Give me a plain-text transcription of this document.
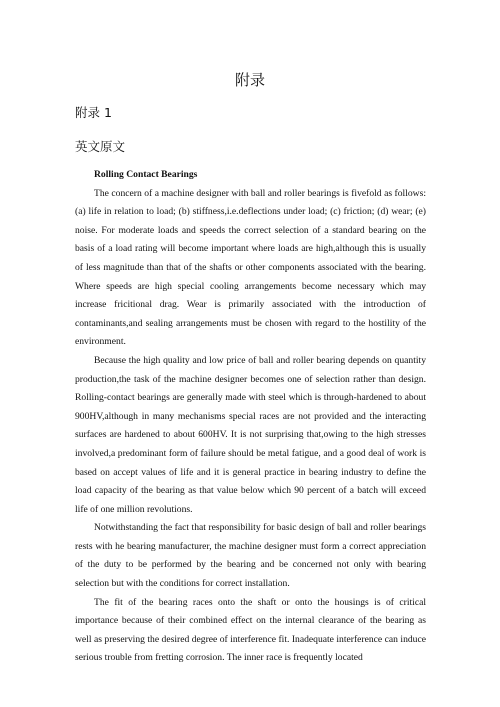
附录
附录 1
英文原文
Rolling Contact Bearings

The concern of a machine designer with ball and roller bearings is fivefold as follows:(a) life in relation to load; (b) stiffness,i.e.deflections under load; (c) friction; (d) wear; (e) noise. For moderate loads and speeds the correct selection of a standard bearing on the basis of a load rating will become important where loads are high,although this is usually of less magnitude than that of the shafts or other components associated with the bearing. Where speeds are high special cooling arrangements become necessary which may increase fricitional drag. Wear is primarily associated with the introduction of contaminants,and sealing arrangements must be chosen with regard to the hostility of the environment.

Because the high quality and low price of ball and roller bearing depends on quantity production,the task of the machine designer becomes one of selection rather than design. Rolling-contact bearings are generally made with steel which is through-hardened to about 900HV,although in many mechanisms special races are not provided and the interacting surfaces are hardened to about 600HV. It is not surprising that,owing to the high stresses involved,a predominant form of failure should be metal fatigue, and a good deal of work is based on accept values of life and it is general practice in bearing industry to define the load capacity of the bearing as that value below which 90 percent of a batch will exceed life of one million revolutions.

Notwithstanding the fact that responsibility for basic design of ball and roller bearings rests with he bearing manufacturer, the machine designer must form a correct appreciation of the duty to be performed by the bearing and be concerned not only with bearing selection but with the conditions for correct installation.

The fit of the bearing races onto the shaft or onto the housings is of critical importance because of their combined effect on the internal clearance of the bearing as well as preserving the desired degree of interference fit. Inadequate interference can induce serious trouble from fretting corrosion. The inner race is frequently located
